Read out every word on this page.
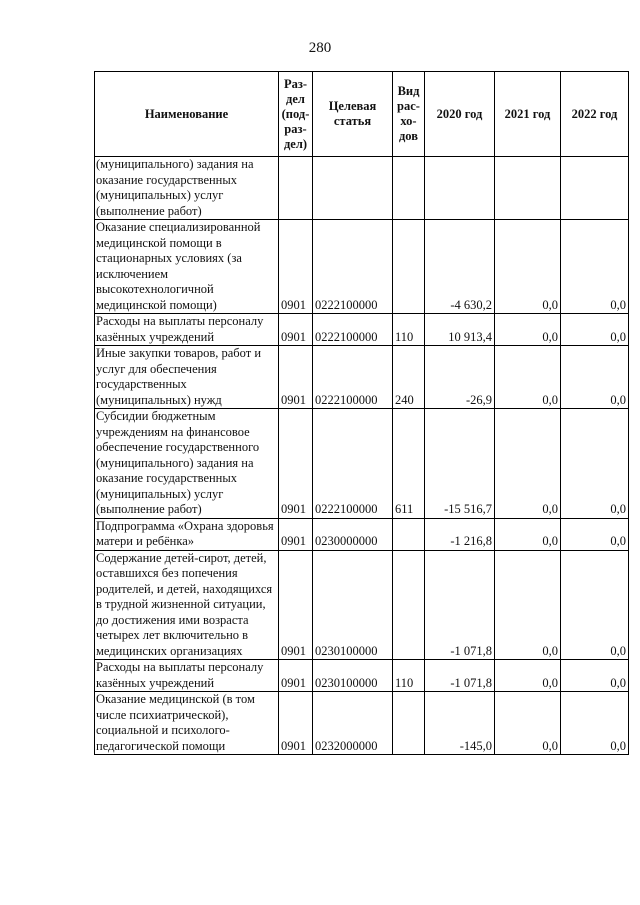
280
Наименование	Раз-дел (под-раз-дел)	Целевая статья	Вид рас-хо-дов	2020 год	2021 год	2022 год
(муниципального) задания на оказание государственных (муниципальных) услуг (выполнение работ)						
Оказание специализированной медицинской помощи в стационарных условиях (за исключением высокотехнологичной медицинской помощи)	0901	0222100000		-4 630,2	0,0	0,0
Расходы на выплаты персоналу казённых учреждений	0901	0222100000	110	10 913,4	0,0	0,0
Иные закупки товаров, работ и услуг для обеспечения государственных (муниципальных) нужд	0901	0222100000	240	-26,9	0,0	0,0
Субсидии бюджетным учреждениям на финансовое обеспечение государственного (муниципального) задания на оказание государственных (муниципальных) услуг (выполнение работ)	0901	0222100000	611	-15 516,7	0,0	0,0
Подпрограмма «Охрана здоровья матери и ребёнка»	0901	0230000000		-1 216,8	0,0	0,0
Содержание детей-сирот, детей, оставшихся без попечения родителей, и детей, находящихся в трудной жизненной ситуации, до достижения ими возраста четырех лет включительно в медицинских организациях	0901	0230100000		-1 071,8	0,0	0,0
Расходы на выплаты персоналу казённых учреждений	0901	0230100000	110	-1 071,8	0,0	0,0
Оказание медицинской (в том числе психиатрической), социальной и психолого-педагогической помощи	0901	0232000000		-145,0	0,0	0,0
